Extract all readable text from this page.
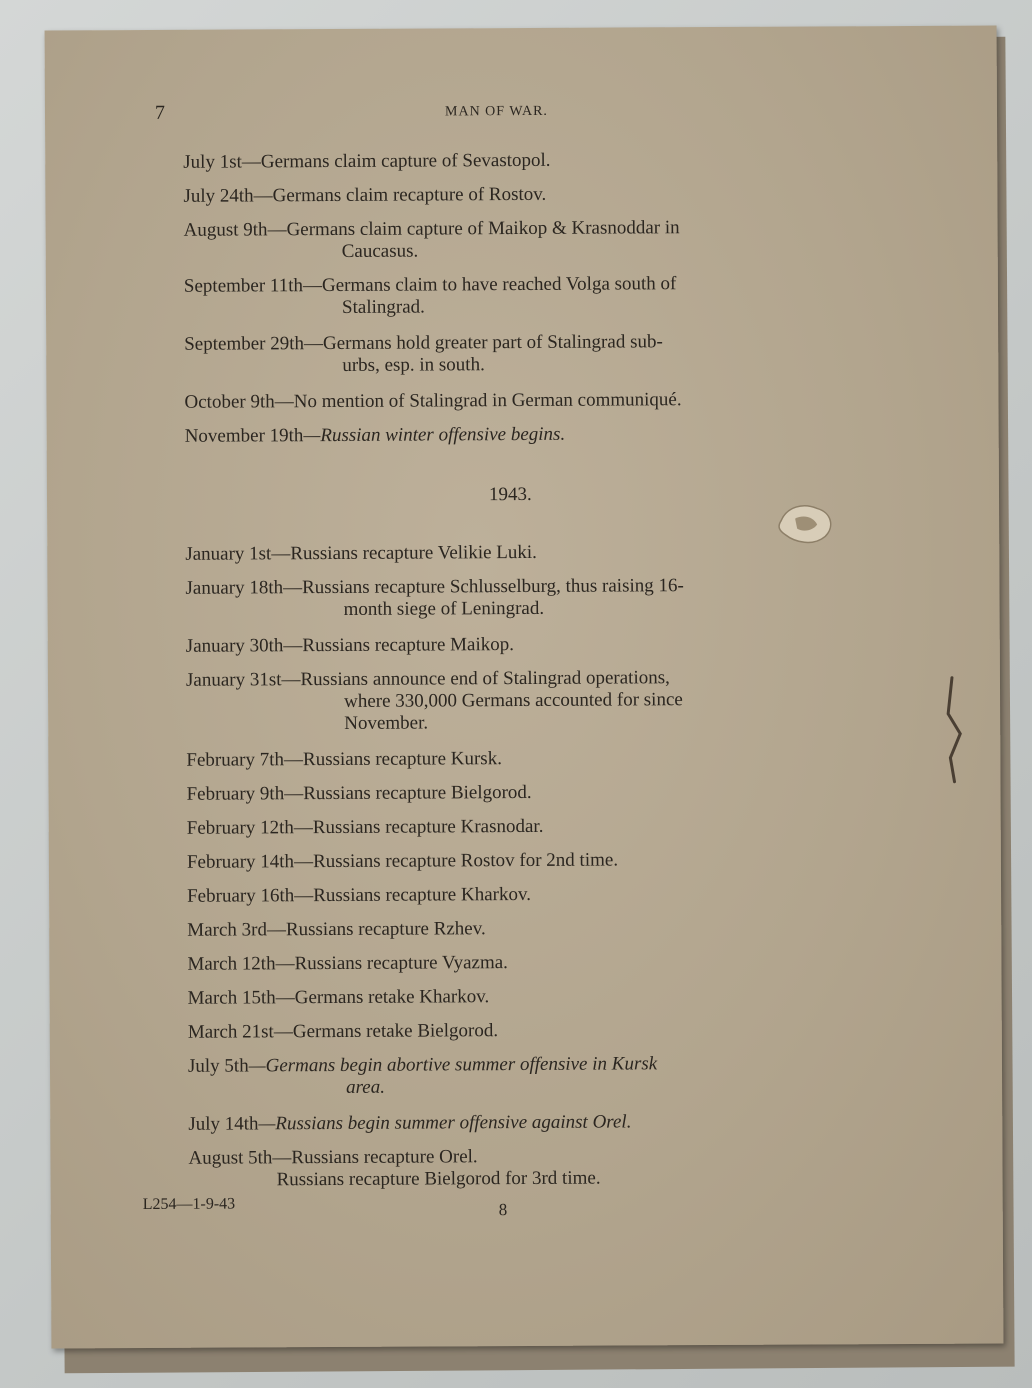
7	MAN OF WAR.
July 1st—Germans claim capture of Sevastopol.
July 24th—Germans claim recapture of Rostov.
August 9th—Germans claim capture of Maikop & Krasnoddar in
Caucasus.
September 11th—Germans claim to have reached Volga south of
Stalingrad.
September 29th—Germans hold greater part of Stalingrad sub-
urbs, esp. in south.
October 9th—No mention of Stalingrad in German communiqué.
November 19th—Russian winter offensive begins.
1943.
January 1st—Russians recapture Velikie Luki.
January 18th—Russians recapture Schlusselburg, thus raising 16-
month siege of Leningrad.
January 30th—Russians recapture Maikop.
January 31st—Russians announce end of Stalingrad operations,
where 330,000 Germans accounted for since
November.
February 7th—Russians recapture Kursk.
February 9th—Russians recapture Bielgorod.
February 12th—Russians recapture Krasnodar.
February 14th—Russians recapture Rostov for 2nd time.
February 16th—Russians recapture Kharkov.
March 3rd—Russians recapture Rzhev.
March 12th—Russians recapture Vyazma.
March 15th—Germans retake Kharkov.
March 21st—Germans retake Bielgorod.
July 5th—Germans begin abortive summer offensive in Kursk
area.
July 14th—Russians begin summer offensive against Orel.
August 5th—Russians recapture Orel.
Russians recapture Bielgorod for 3rd time.
L254—1-9-43	8
